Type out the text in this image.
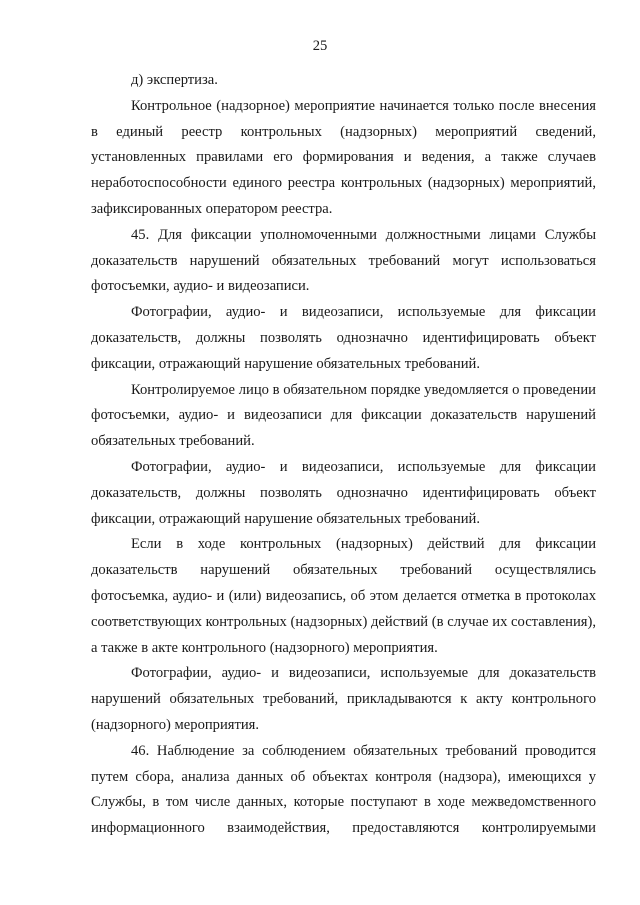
25

д) экспертиза.

Контрольное (надзорное) мероприятие начинается только после внесения в единый реестр контрольных (надзорных) мероприятий сведений, установленных правилами его формирования и ведения, а также случаев неработоспособности единого реестра контрольных (надзорных) мероприятий, зафиксированных оператором реестра.

45. Для фиксации уполномоченными должностными лицами Службы доказательств нарушений обязательных требований могут использоваться фотосъемки, аудио- и видеозаписи.

Фотографии, аудио- и видеозаписи, используемые для фиксации доказательств, должны позволять однозначно идентифицировать объект фиксации, отражающий нарушение обязательных требований.

Контролируемое лицо в обязательном порядке уведомляется о проведении фотосъемки, аудио- и видеозаписи для фиксации доказательств нарушений обязательных требований.

Фотографии, аудио- и видеозаписи, используемые для фиксации доказательств, должны позволять однозначно идентифицировать объект фиксации, отражающий нарушение обязательных требований.

Если в ходе контрольных (надзорных) действий для фиксации доказательств нарушений обязательных требований осуществлялись фотосъемка, аудио- и (или) видеозапись, об этом делается отметка в протоколах соответствующих контрольных (надзорных) действий (в случае их составления), а также в акте контрольного (надзорного) мероприятия.

Фотографии, аудио- и видеозаписи, используемые для доказательств нарушений обязательных требований, прикладываются к акту контрольного (надзорного) мероприятия.

46. Наблюдение за соблюдением обязательных требований проводится путем сбора, анализа данных об объектах контроля (надзора), имеющихся у Службы, в том числе данных, которые поступают в ходе межведомственного информационного взаимодействия, предоставляются контролируемыми
